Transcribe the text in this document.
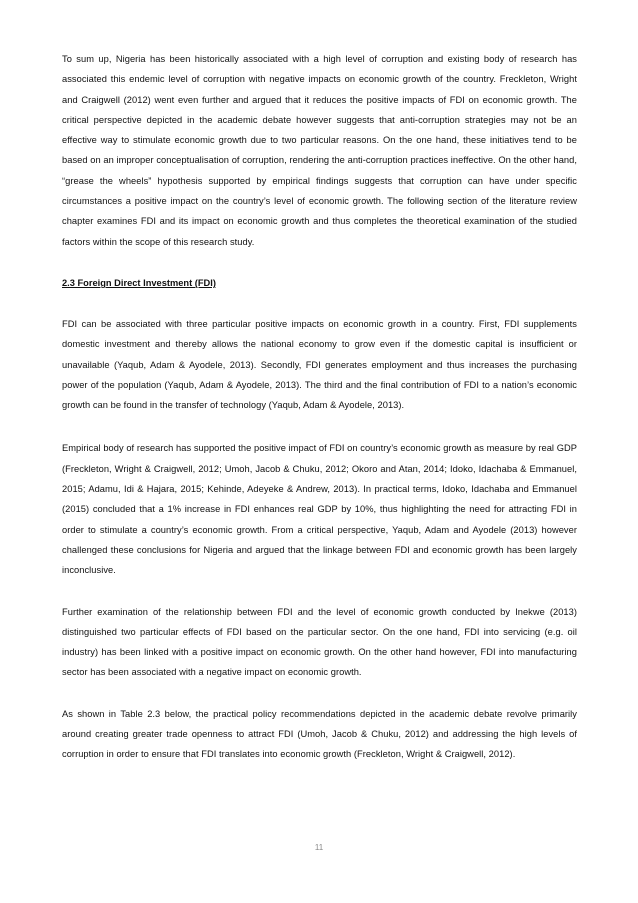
To sum up, Nigeria has been historically associated with a high level of corruption and existing body of research has associated this endemic level of corruption with negative impacts on economic growth of the country. Freckleton, Wright and Craigwell (2012) went even further and argued that it reduces the positive impacts of FDI on economic growth. The critical perspective depicted in the academic debate however suggests that anti-corruption strategies may not be an effective way to stimulate economic growth due to two particular reasons. On the one hand, these initiatives tend to be based on an improper conceptualisation of corruption, rendering the anti-corruption practices ineffective. On the other hand, “grease the wheels” hypothesis supported by empirical findings suggests that corruption can have under specific circumstances a positive impact on the country’s level of economic growth. The following section of the literature review chapter examines FDI and its impact on economic growth and thus completes the theoretical examination of the studied factors within the scope of this research study.

2.3 Foreign Direct Investment (FDI)

FDI can be associated with three particular positive impacts on economic growth in a country. First, FDI supplements domestic investment and thereby allows the national economy to grow even if the domestic capital is insufficient or unavailable (Yaqub, Adam & Ayodele, 2013). Secondly, FDI generates employment and thus increases the purchasing power of the population (Yaqub, Adam & Ayodele, 2013). The third and the final contribution of FDI to a nation’s economic growth can be found in the transfer of technology (Yaqub, Adam & Ayodele, 2013).

Empirical body of research has supported the positive impact of FDI on country’s economic growth as measure by real GDP (Freckleton, Wright & Craigwell, 2012; Umoh, Jacob & Chuku, 2012; Okoro and Atan, 2014; Idoko, Idachaba & Emmanuel, 2015; Adamu, Idi & Hajara, 2015; Kehinde, Adeyeke & Andrew, 2013). In practical terms, Idoko, Idachaba and Emmanuel (2015) concluded that a 1% increase in FDI enhances real GDP by 10%, thus highlighting the need for attracting FDI in order to stimulate a country’s economic growth. From a critical perspective, Yaqub, Adam and Ayodele (2013) however challenged these conclusions for Nigeria and argued that the linkage between FDI and economic growth has been largely inconclusive.

Further examination of the relationship between FDI and the level of economic growth conducted by Inekwe (2013) distinguished two particular effects of FDI based on the particular sector. On the one hand, FDI into servicing (e.g. oil industry) has been linked with a positive impact on economic growth. On the other hand however, FDI into manufacturing sector has been associated with a negative impact on economic growth.

As shown in Table 2.3 below, the practical policy recommendations depicted in the academic debate revolve primarily around creating greater trade openness to attract FDI (Umoh, Jacob & Chuku, 2012) and addressing the high levels of corruption in order to ensure that FDI translates into economic growth (Freckleton, Wright & Craigwell, 2012).

11
